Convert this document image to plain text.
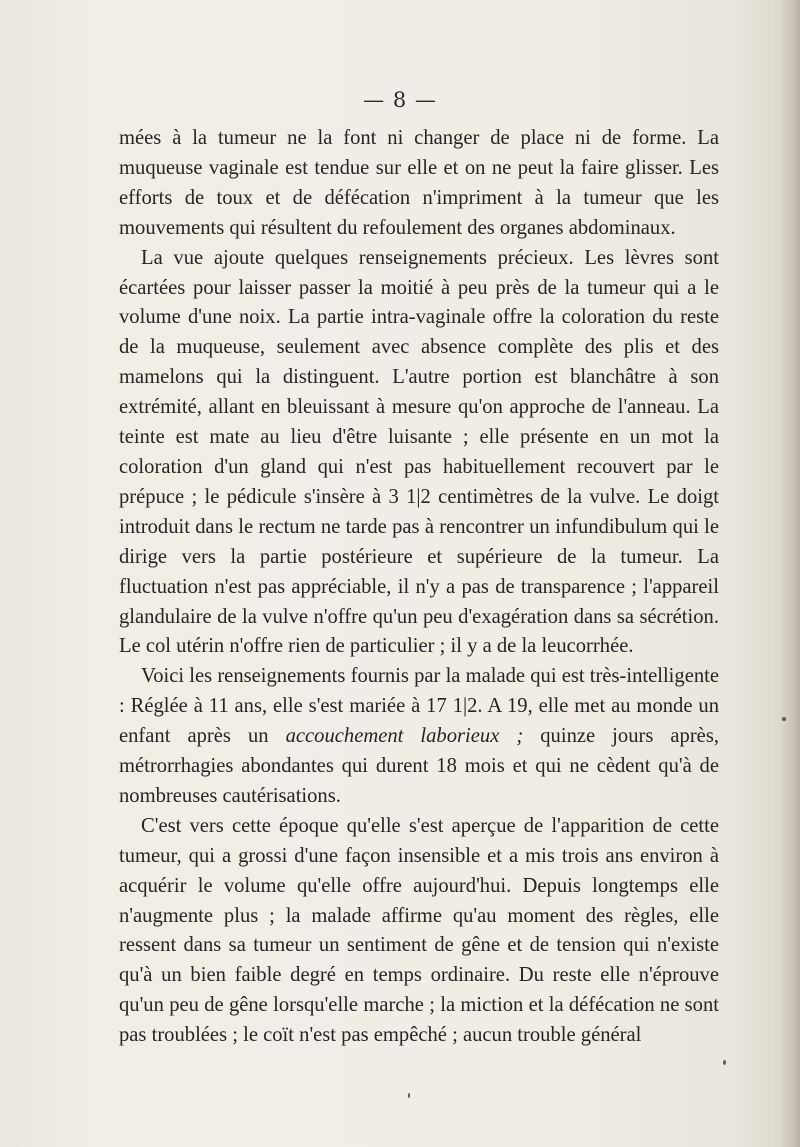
— 8 —

mées à la tumeur ne la font ni changer de place ni de forme. La muqueuse vaginale est tendue sur elle et on ne peut la faire glisser. Les efforts de toux et de défécation n'impriment à la tumeur que les mouvements qui résultent du refoulement des organes abdominaux.

La vue ajoute quelques renseignements précieux. Les lèvres sont écartées pour laisser passer la moitié à peu près de la tumeur qui a le volume d'une noix. La partie intra-vaginale offre la coloration du reste de la muqueuse, seulement avec absence complète des plis et des mamelons qui la distinguent. L'autre portion est blanchâtre à son extrémité, allant en bleuissant à mesure qu'on approche de l'anneau. La teinte est mate au lieu d'être luisante ; elle présente en un mot la coloration d'un gland qui n'est pas habituellement recouvert par le prépuce ; le pédicule s'insère à 3 1|2 centimètres de la vulve. Le doigt introduit dans le rectum ne tarde pas à rencontrer un infundibulum qui le dirige vers la partie postérieure et supérieure de la tumeur. La fluctuation n'est pas appréciable, il n'y a pas de transparence ; l'appareil glandulaire de la vulve n'offre qu'un peu d'exagération dans sa sécrétion. Le col utérin n'offre rien de particulier ; il y a de la leucorrhée.

Voici les renseignements fournis par la malade qui est très-intelligente : Réglée à 11 ans, elle s'est mariée à 17 1|2. A 19, elle met au monde un enfant après un accouchement laborieux ; quinze jours après, métrorrhagies abondantes qui durent 18 mois et qui ne cèdent qu'à de nombreuses cautérisations.

C'est vers cette époque qu'elle s'est aperçue de l'apparition de cette tumeur, qui a grossi d'une façon insensible et a mis trois ans environ à acquérir le volume qu'elle offre aujourd'hui. Depuis longtemps elle n'augmente plus ; la malade affirme qu'au moment des règles, elle ressent dans sa tumeur un sentiment de gêne et de tension qui n'existe qu'à un bien faible degré en temps ordinaire. Du reste elle n'éprouve qu'un peu de gêne lorsqu'elle marche ; la miction et la défécation ne sont pas troublées ; le coït n'est pas empêché ; aucun trouble général
